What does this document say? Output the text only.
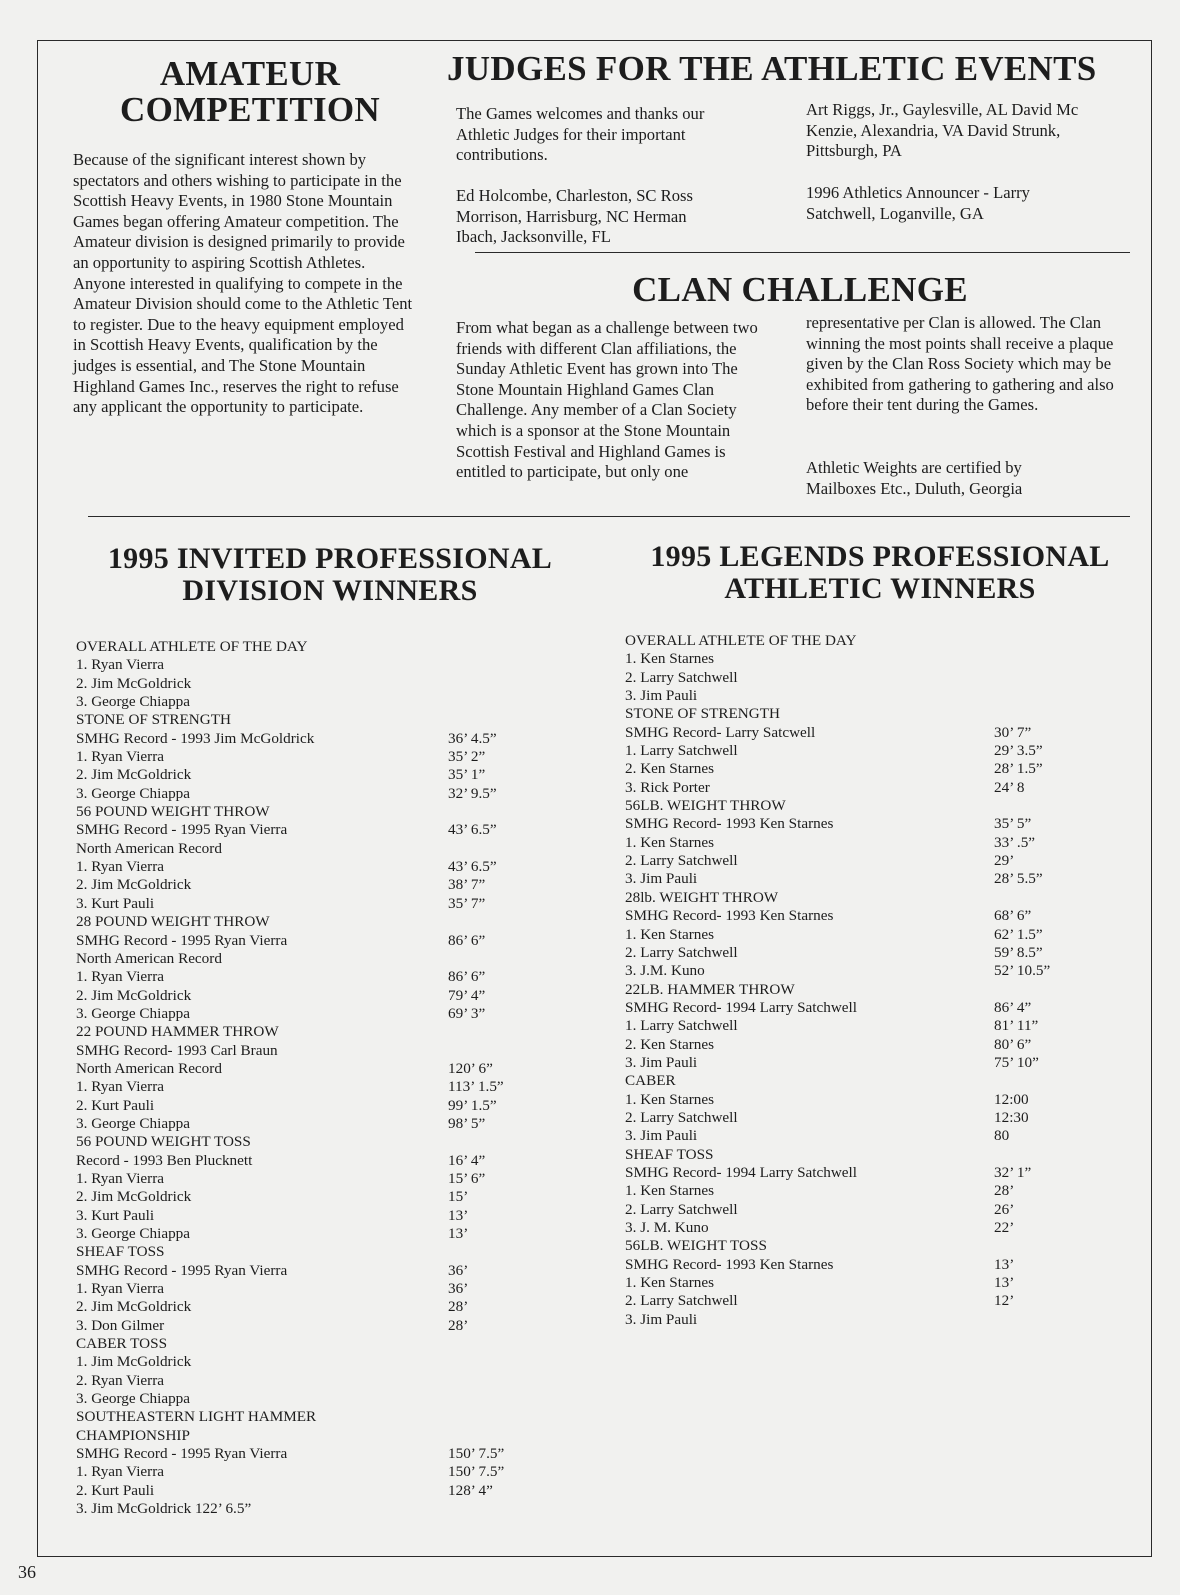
AMATEUR COMPETITION

Because of the significant interest shown by spectators and others wishing to participate in the Scottish Heavy Events, in 1980 Stone Mountain Games began offering Amateur competition. The Amateur division is designed primarily to provide an opportunity to aspiring Scottish Athletes. Anyone interested in qualifying to compete in the Amateur Division should come to the Athletic Tent to register. Due to the heavy equipment employed in Scottish Heavy Events, qualification by the judges is essential, and The Stone Mountain Highland Games Inc., reserves the right to refuse any applicant the opportunity to participate.

JUDGES FOR THE ATHLETIC EVENTS

The Games welcomes and thanks our Athletic Judges for their important contributions.

Ed Holcombe, Charleston, SC Ross Morrison, Harrisburg, NC Herman Ibach, Jacksonville, FL

Art Riggs, Jr., Gaylesville, AL David Mc Kenzie, Alexandria, VA David Strunk, Pittsburgh, PA

1996 Athletics Announcer - Larry Satchwell, Loganville, GA

CLAN CHALLENGE

From what began as a challenge between two friends with different Clan affiliations, the Sunday Athletic Event has grown into The Stone Mountain Highland Games Clan Challenge. Any member of a Clan Society which is a sponsor at the Stone Mountain Scottish Festival and Highland Games is entitled to participate, but only one

representative per Clan is allowed. The Clan winning the most points shall receive a plaque given by the Clan Ross Society which may be exhibited from gathering to gathering and also before their tent during the Games.

Athletic Weights are certified by Mailboxes Etc., Duluth, Georgia

1995 INVITED PROFESSIONAL DIVISION WINNERS
OVERALL ATHLETE OF THE DAY
1. Ryan Vierra
2. Jim McGoldrick
3. George Chiappa
STONE OF STRENGTH
SMHG Record - 1993 Jim McGoldrick	36’ 4.5”
1. Ryan Vierra	35’ 2”
2. Jim McGoldrick	35’ 1”
3. George Chiappa	32’ 9.5”
56 POUND WEIGHT THROW
SMHG Record - 1995 Ryan Vierra	43’ 6.5”
North American Record
1. Ryan Vierra	43’ 6.5”
2. Jim McGoldrick	38’ 7”
3. Kurt Pauli	35’ 7”
28 POUND WEIGHT THROW
SMHG Record - 1995 Ryan Vierra	86’ 6”
North American Record
1. Ryan Vierra	86’ 6”
2. Jim McGoldrick	79’ 4”
3. George Chiappa	69’ 3”
22 POUND HAMMER THROW
SMHG Record- 1993 Carl Braun
North American Record	120’ 6”
1. Ryan Vierra	113’ 1.5”
2. Kurt Pauli	99’ 1.5”
3. George Chiappa	98’ 5”
56 POUND WEIGHT TOSS
Record - 1993 Ben Plucknett	16’ 4”
1. Ryan Vierra	15’ 6”
2. Jim McGoldrick	15’
3. Kurt Pauli	13’
3. George Chiappa	13’
SHEAF TOSS
SMHG Record - 1995 Ryan Vierra	36’
1. Ryan Vierra	36’
2. Jim McGoldrick	28’
3. Don Gilmer	28’
CABER TOSS
1. Jim McGoldrick
2. Ryan Vierra
3. George Chiappa
SOUTHEASTERN LIGHT HAMMER
CHAMPIONSHIP
SMHG Record - 1995 Ryan Vierra	150’ 7.5”
1. Ryan Vierra	150’ 7.5”
2. Kurt Pauli	128’ 4”
3. Jim McGoldrick 122’ 6.5”
1995 LEGENDS PROFESSIONAL ATHLETIC WINNERS
OVERALL ATHLETE OF THE DAY
1. Ken Starnes
2. Larry Satchwell
3. Jim Pauli
STONE OF STRENGTH
SMHG Record- Larry Satcwell	30’ 7”
1. Larry Satchwell	29’ 3.5”
2. Ken Starnes	28’ 1.5”
3. Rick Porter	24’ 8
56LB. WEIGHT THROW
SMHG Record- 1993 Ken Starnes	35’ 5”
1. Ken Starnes	33’ .5”
2. Larry Satchwell	29’
3. Jim Pauli	28’ 5.5”
28lb. WEIGHT THROW
SMHG Record- 1993 Ken Starnes	68’ 6”
1. Ken Starnes	62’ 1.5”
2. Larry Satchwell	59’ 8.5”
3. J.M. Kuno	52’ 10.5”
22LB. HAMMER THROW
SMHG Record- 1994 Larry Satchwell	86’ 4”
1. Larry Satchwell	81’ 11”
2. Ken Starnes	80’ 6”
3. Jim Pauli	75’ 10”
CABER
1. Ken Starnes	12:00
2. Larry Satchwell	12:30
3. Jim Pauli	80
SHEAF TOSS
SMHG Record- 1994 Larry Satchwell	32’ 1”
1. Ken Starnes	28’
2. Larry Satchwell	26’
3. J. M. Kuno	22’
56LB. WEIGHT TOSS
SMHG Record- 1993 Ken Starnes	13’
1. Ken Starnes	13’
2. Larry Satchwell	12’
3. Jim Pauli
36
